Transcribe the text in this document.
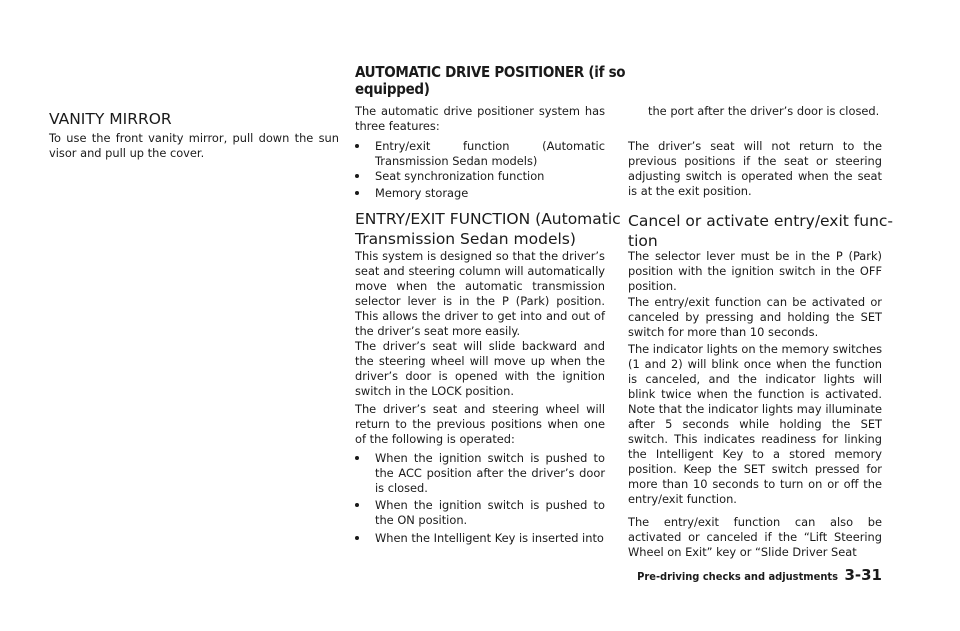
VANITY MIRROR

To use the front vanity mirror, pull down the sun visor and pull up the cover.

AUTOMATIC DRIVE POSITIONER (if so
equipped)

The automatic drive positioner system has three features:

Entry/exit function (Automatic Transmission Sedan models)
Seat synchronization function
Memory storage
ENTRY/EXIT FUNCTION (Automatic
Transmission Sedan models)

This system is designed so that the driver’s seat and steering column will automatically move when the automatic transmission selector lever is in the P (Park) position. This allows the driver to get into and out of the driver’s seat more easily.

The driver’s seat will slide backward and the steering wheel will move up when the driver’s door is opened with the ignition switch in the LOCK position.

The driver’s seat and steering wheel will return to the previous positions when one of the following is operated:

When the ignition switch is pushed to the ACC position after the driver’s door is closed.
When the ignition switch is pushed to the ON position.
When the Intelligent Key is inserted into

the port after the driver’s door is closed.

The driver’s seat will not return to the previous positions if the seat or steering adjusting switch is operated when the seat is at the exit position.

Cancel or activate entry/exit func-
tion

The selector lever must be in the P (Park) position with the ignition switch in the OFF position.

The entry/exit function can be activated or canceled by pressing and holding the SET switch for more than 10 seconds.

The indicator lights on the memory switches (1 and 2) will blink once when the function is canceled, and the indicator lights will blink twice when the function is activated. Note that the indicator lights may illuminate after 5 seconds while holding the SET switch. This indicates readiness for linking the Intelligent Key to a stored memory position. Keep the SET switch pressed for more than 10 seconds to turn on or off the entry/exit function.

The entry/exit function can also be activated or canceled if the “Lift Steering Wheel on Exit” key or “Slide Driver Seat

Pre-driving checks and adjustments 3-31
